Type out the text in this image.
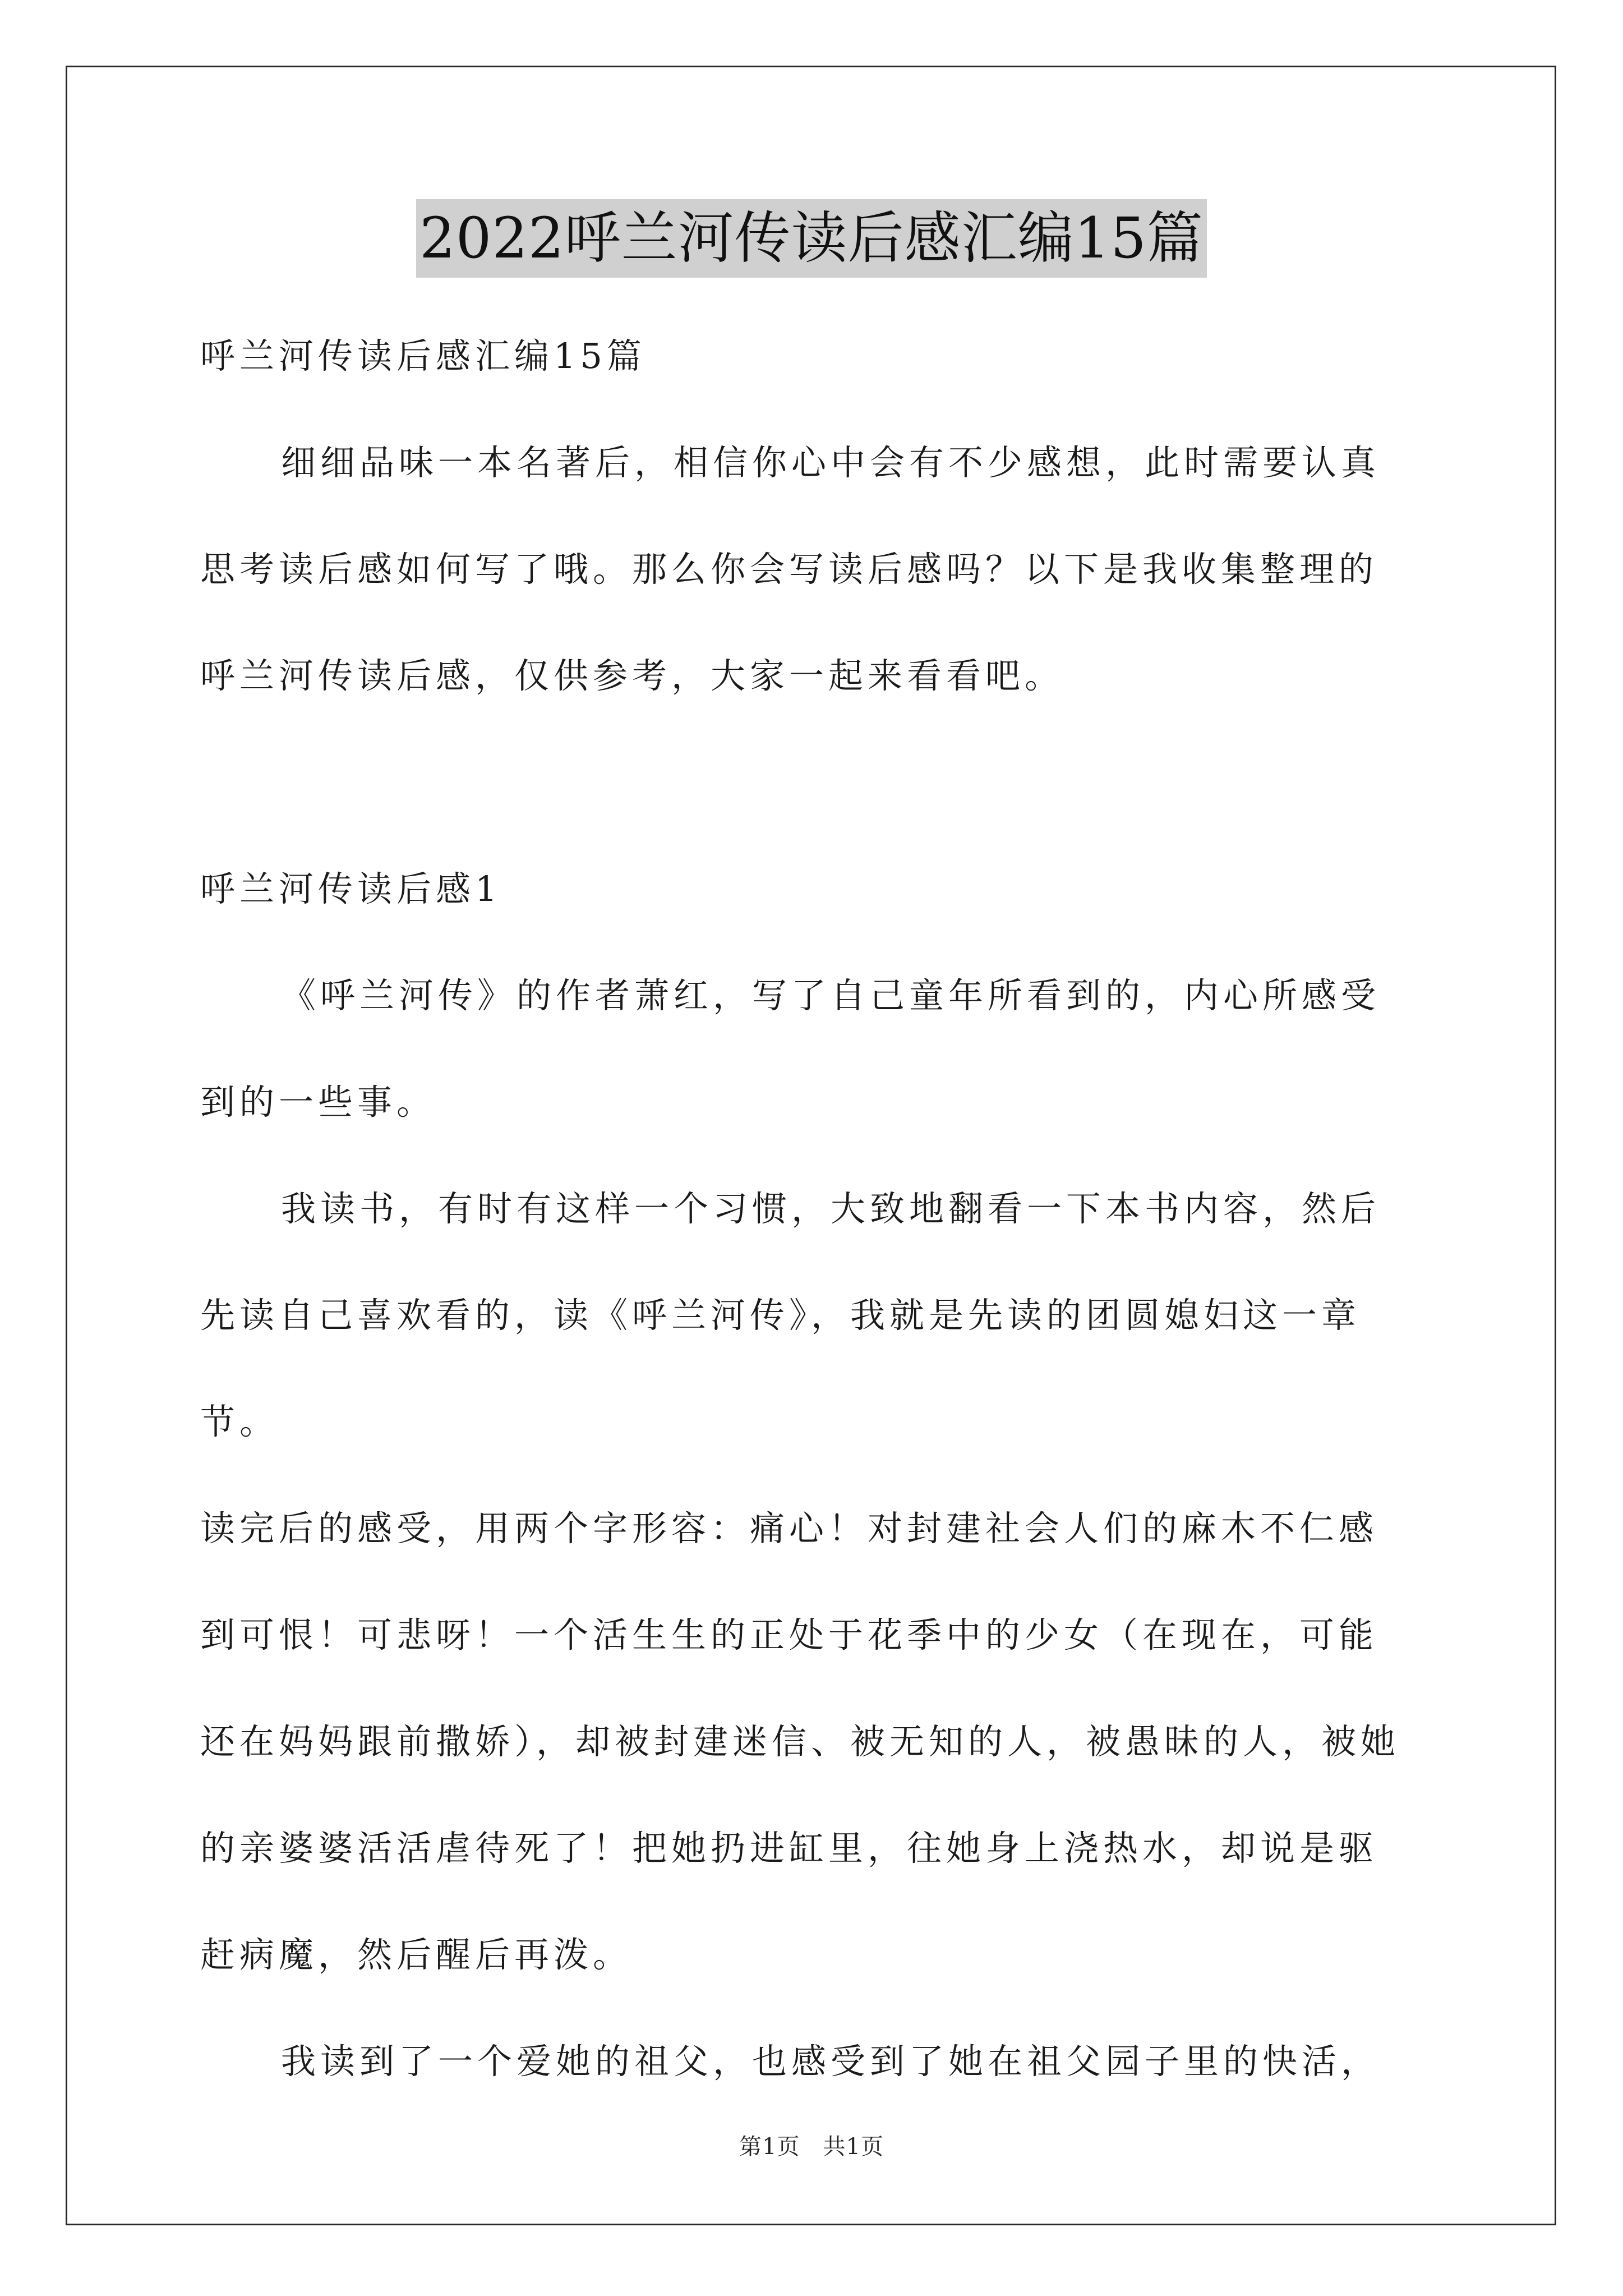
2022呼兰河传读后感汇编15篇

呼兰河传读后感汇编15篇

细细品味一本名著后，相信你心中会有不少感想，此时需要认真

思考读后感如何写了哦。那么你会写读后感吗？以下是我收集整理的

呼兰河传读后感，仅供参考，大家一起来看看吧。

呼兰河传读后感1

《呼兰河传》的作者萧红，写了自己童年所看到的，内心所感受

到的一些事。

我读书，有时有这样一个习惯，大致地翻看一下本书内容，然后

先读自己喜欢看的，读《呼兰河传》，我就是先读的团圆媳妇这一章节。

读完后的感受，用两个字形容：痛心！对封建社会人们的麻木不仁感

到可恨！可悲呀！一个活生生的正处于花季中的少女（在现在，可能

还在妈妈跟前撒娇），却被封建迷信、被无知的人，被愚昧的人，被她

的亲婆婆活活虐待死了！把她扔进缸里，往她身上浇热水，却说是驱

赶病魔，然后醒后再泼。

我读到了一个爱她的祖父，也感受到了她在祖父园子里的快活，

第1页　共1页
